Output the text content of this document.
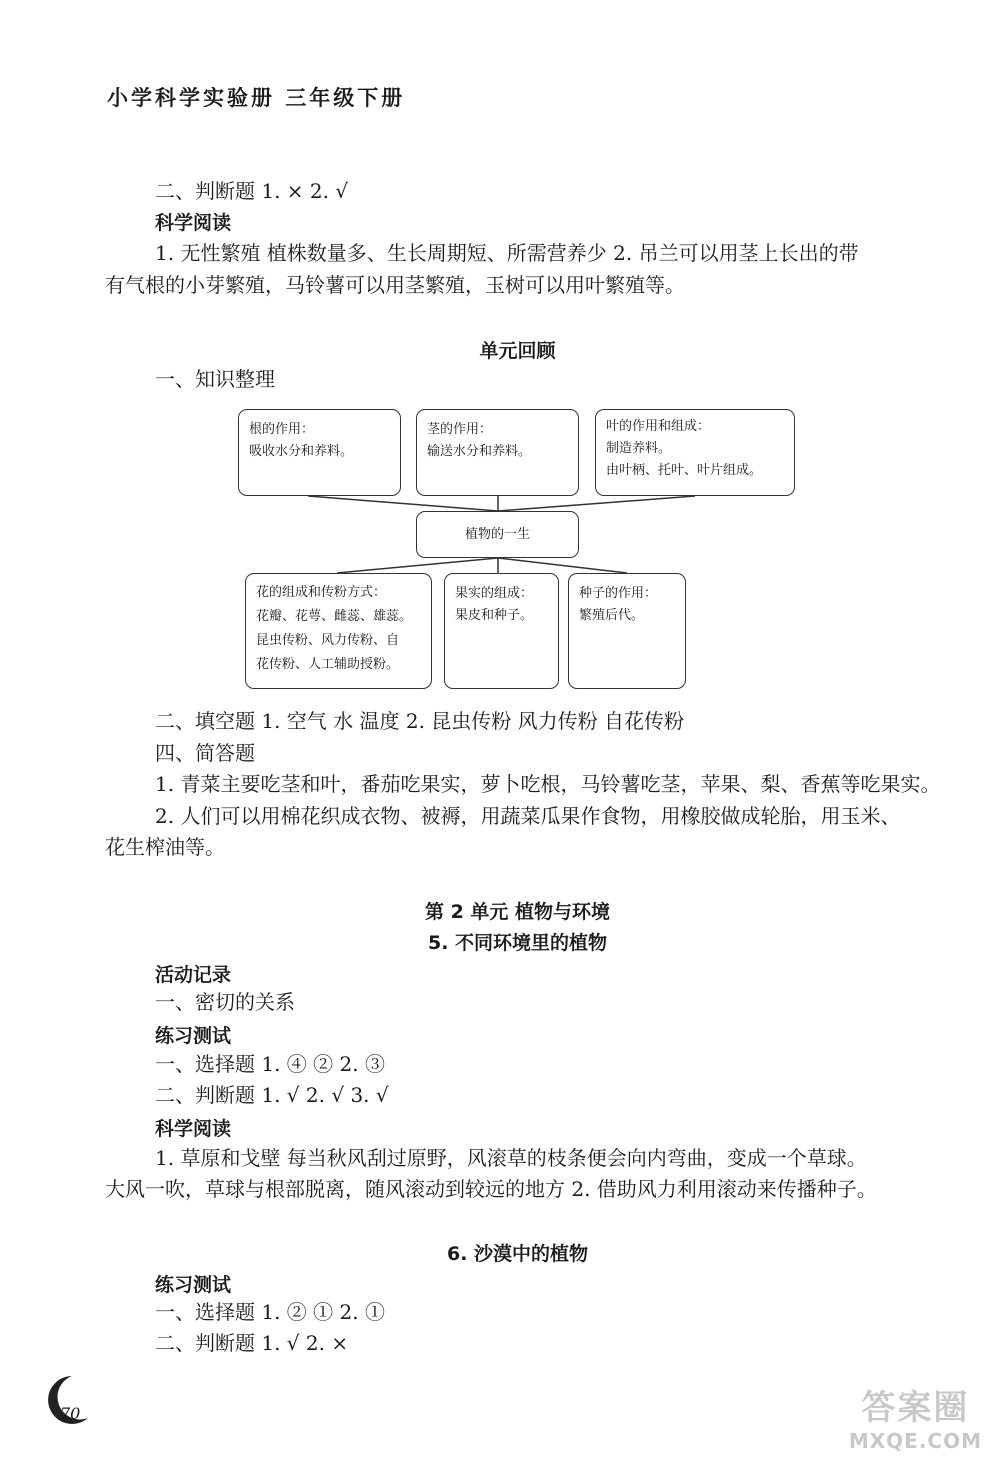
小学科学实验册 三年级下册
二、判断题 1. × 2. √
科学阅读
1. 无性繁殖 植株数量多、生长周期短、所需营养少 2. 吊兰可以用茎上长出的带
有气根的小芽繁殖，马铃薯可以用茎繁殖，玉树可以用叶繁殖等。
单元回顾
一、知识整理
根的作用：
吸收水分和养料。
茎的作用：
输送水分和养料。
叶的作用和组成：
制造养料。
由叶柄、托叶、叶片组成。
植物的一生
花的组成和传粉方式：
花瓣、花萼、雌蕊、雄蕊。
昆虫传粉、风力传粉、自
花传粉、人工辅助授粉。
果实的组成：
果皮和种子。
种子的作用：
繁殖后代。
二、填空题 1. 空气 水 温度 2. 昆虫传粉 风力传粉 自花传粉
四、简答题
1. 青菜主要吃茎和叶，番茄吃果实，萝卜吃根，马铃薯吃茎，苹果、梨、香蕉等吃果实。
2. 人们可以用棉花织成衣物、被褥，用蔬菜瓜果作食物，用橡胶做成轮胎，用玉米、
花生榨油等。
第 2 单元 植物与环境
5. 不同环境里的植物
活动记录
一、密切的关系
练习测试
一、选择题 1. ④ ② 2. ③
二、判断题 1. √ 2. √ 3. √
科学阅读
1. 草原和戈壁 每当秋风刮过原野，风滚草的枝条便会向内弯曲，变成一个草球。
大风一吹，草球与根部脱离，随风滚动到较远的地方 2. 借助风力利用滚动来传播种子。
6. 沙漠中的植物
练习测试
一、选择题 1. ② ① 2. ①
二、判断题 1. √ 2. ×
70	答案圈
MXQE.COM
